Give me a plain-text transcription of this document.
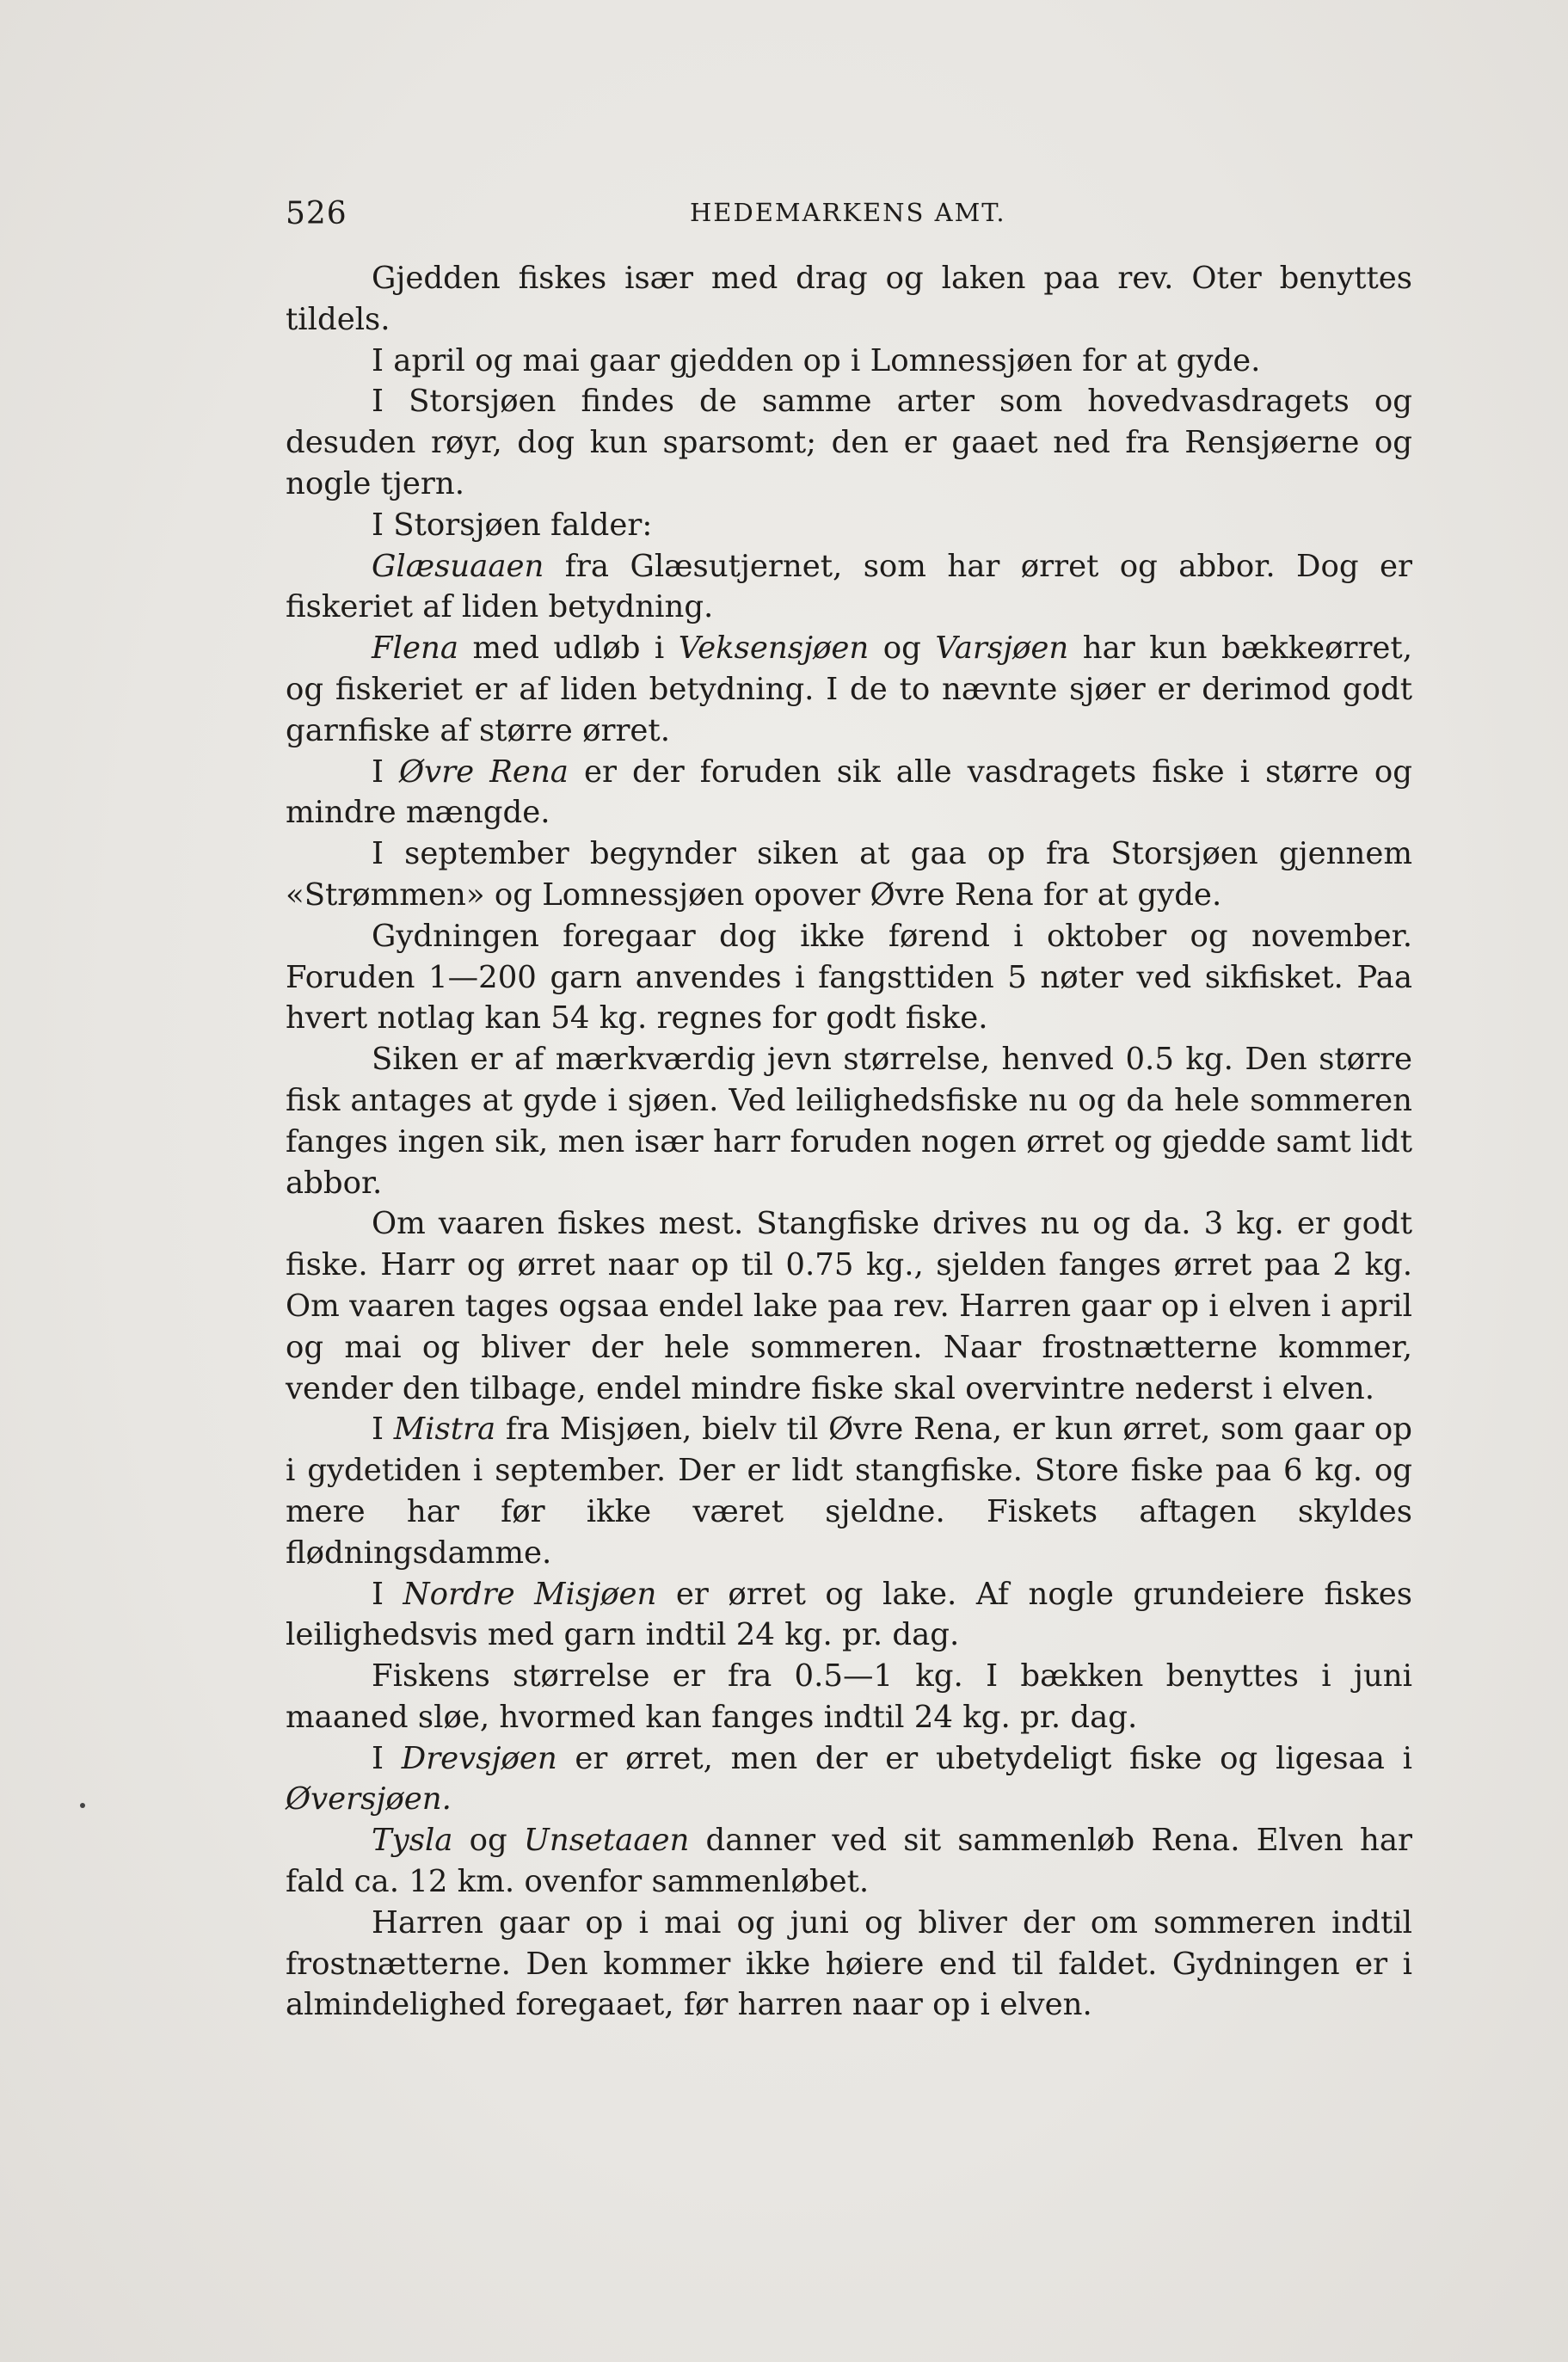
526	HEDEMARKENS AMT.

Gjedden fiskes især med drag og laken paa rev. Oter benyttes tildels.

I april og mai gaar gjedden op i Lomnessjøen for at gyde.

I Storsjøen findes de samme arter som hovedvasdragets og desuden røyr, dog kun sparsomt; den er gaaet ned fra Rensjøerne og nogle tjern.

I Storsjøen falder:

Glæsuaaen fra Glæsutjernet, som har ørret og abbor. Dog er fiskeriet af liden betydning.

Flena med udløb i Veksensjøen og Varsjøen har kun bækkeørret, og fiskeriet er af liden betydning. I de to nævnte sjøer er derimod godt garnfiske af større ørret.

I Øvre Rena er der foruden sik alle vasdragets fiske i større og mindre mængde.

I september begynder siken at gaa op fra Storsjøen gjennem «Strømmen» og Lomnessjøen opover Øvre Rena for at gyde.

Gydningen foregaar dog ikke førend i oktober og november. Foruden 1—200 garn anvendes i fangsttiden 5 nøter ved sikfisket. Paa hvert notlag kan 54 kg. regnes for godt fiske.

Siken er af mærkværdig jevn størrelse, henved 0.5 kg. Den større fisk antages at gyde i sjøen. Ved leilighedsfiske nu og da hele sommeren fanges ingen sik, men især harr foruden nogen ørret og gjedde samt lidt abbor.

Om vaaren fiskes mest. Stangfiske drives nu og da. 3 kg. er godt fiske. Harr og ørret naar op til 0.75 kg., sjelden fanges ørret paa 2 kg. Om vaaren tages ogsaa endel lake paa rev. Harren gaar op i elven i april og mai og bliver der hele sommeren. Naar frostnætterne kommer, vender den tilbage, endel mindre fiske skal overvintre nederst i elven.

I Mistra fra Misjøen, bielv til Øvre Rena, er kun ørret, som gaar op i gydetiden i september. Der er lidt stangfiske. Store fiske paa 6 kg. og mere har før ikke været sjeldne. Fiskets aftagen skyldes flødningsdamme.

I Nordre Misjøen er ørret og lake. Af nogle grundeiere fiskes leilighedsvis med garn indtil 24 kg. pr. dag.

Fiskens størrelse er fra 0.5—1 kg. I bækken benyttes i juni maaned sløe, hvormed kan fanges indtil 24 kg. pr. dag.

I Drevsjøen er ørret, men der er ubetydeligt fiske og ligesaa i Øversjøen.

Tysla og Unsetaaen danner ved sit sammenløb Rena. Elven har fald ca. 12 km. ovenfor sammenløbet.

Harren gaar op i mai og juni og bliver der om sommeren indtil frostnætterne. Den kommer ikke høiere end til faldet. Gydningen er i almindelighed foregaaet, før harren naar op i elven.
